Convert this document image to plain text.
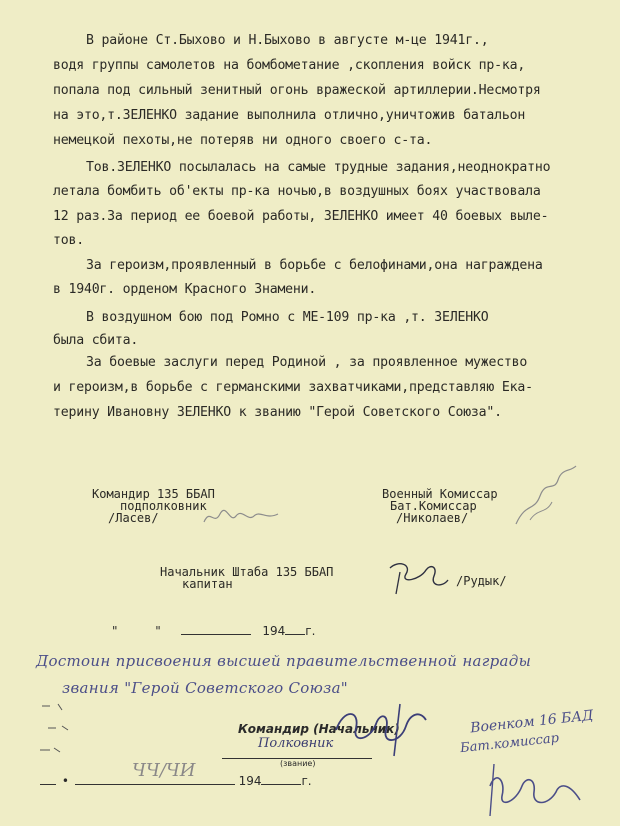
В районе Ст.Быхово и Н.Быхово в августе м-це 1941г.,
водя группы самолетов на бомбометание ,скопления войск пр-ка,
попала под сильный зенитный огонь вражеской артиллерии.Несмотря
на это,т.ЗЕЛЕНКО задание выполнила отлично,уничтожив батальон
немецкой пехоты,не потеряв ни одного своего с-та.
Тов.ЗЕЛЕНКО посылалась на самые трудные задания,неоднократно
летала бомбить об'екты пр-ка ночью,в воздушных боях участвовала
12 раз.За период ее боевой работы, ЗЕЛЕНКО имеет 40 боевых выле-
тов.
За героизм,проявленный в борьбе с белофинами,она награждена
в 1940г. орденом Красного Знамени.
В воздушном бою под Ромно с МЕ-109 пр-ка ,т. ЗЕЛЕНКО
была сбита.
За боевые заслуги перед Родиной , за проявленное мужество
и героизм,в борьбе с германскими захватчиками,представляю Ека-
терину Ивановну ЗЕЛЕНКО к званию "Герой Советского Союза".
Командир 135 ББАП
подполковник
/Ласев/
Военный Комиссар
Бат.Комиссар
/Николаев/
Начальник Штаба 135 ББАП
капитан	/Рудык/
"	"	194 г.
Достоин присвоения высшей правительственной награды
звания "Герой Советского Союза"
Командир (Начальник)
Полковник
(звание)
Военком 16 БАД
Бат.комиссар
•	194	г.
ЧЧ/ЧИ
